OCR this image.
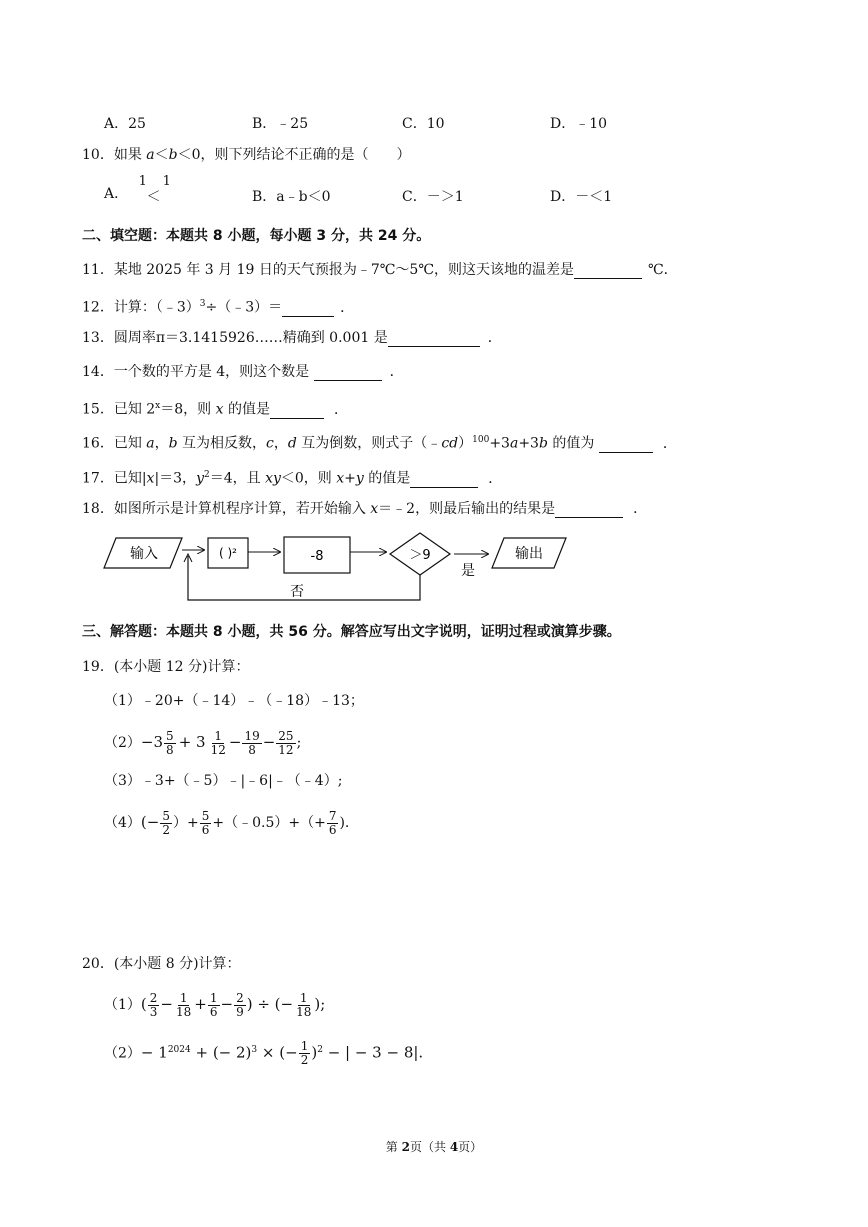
A．25	B．﹣25	C．10	D．﹣10
10．如果 a＜b＜0，则下列结论不正确的是（　　）
A．
1
＜
1
B．a﹣b＜0	C．－＞1	D．－＜1
二、填空题：本题共 8 小题，每小题 3 分，共 24 分。
11．某地 2025 年 3 月 19 日的天气预报为﹣7℃～5℃，则这天该地的温差是	℃．
12．计算：（﹣3）$^3$÷（﹣3）＝	．
13．圆周率π＝3.1415926……精确到 0.001 是	．
14．一个数的平方是 4，则这个数是	．
15．已知 $2^x=8$，则 x 的值是	．
16．已知 a，b 互为相反数，c，d 互为倒数，则式子（﹣cd）$^{100}$+3a+3b 的值为	．
17．已知|x|＝3，$y^2=4$，且 xy＜0，则 x+y 的值是	．
18．如图所示是计算机程序计算，若开始输入 x＝﹣2，则最后输出的结果是	．
输入	( )²	-8	＞9
是
输出
否
三、解答题：本题共 8 小题，共 56 分。解答应写出文字说明，证明过程或演算步骤。
19．(本小题 12 分)计算：
（1）﹣20+（﹣14）﹣（﹣18）﹣13；
$(2)-3 \frac{5}{8} + 3 \frac{1}{12} - \frac{19}{8} - \frac{25}{12}$ ;
（3）﹣3+（﹣5）﹣|﹣6|﹣（﹣4）;
$(4)(- \frac{5}{2}$ ）+ $\frac{5}{6}$ +（﹣0.5）+（+ $\frac{7}{6}$ ).
20．(本小题 8 分)计算：
$(1)( \frac{2}{3} - \frac{1}{18} + \frac{1}{6} - \frac{2}{9}$ ) ÷ (− $\frac{1}{18}$ );
$(2)- 1^{2024}$ + (− 2)$^3$ × (− $\frac{1}{2} )^2$ − | − 3 − 8|.
第 2页（共 4页）
